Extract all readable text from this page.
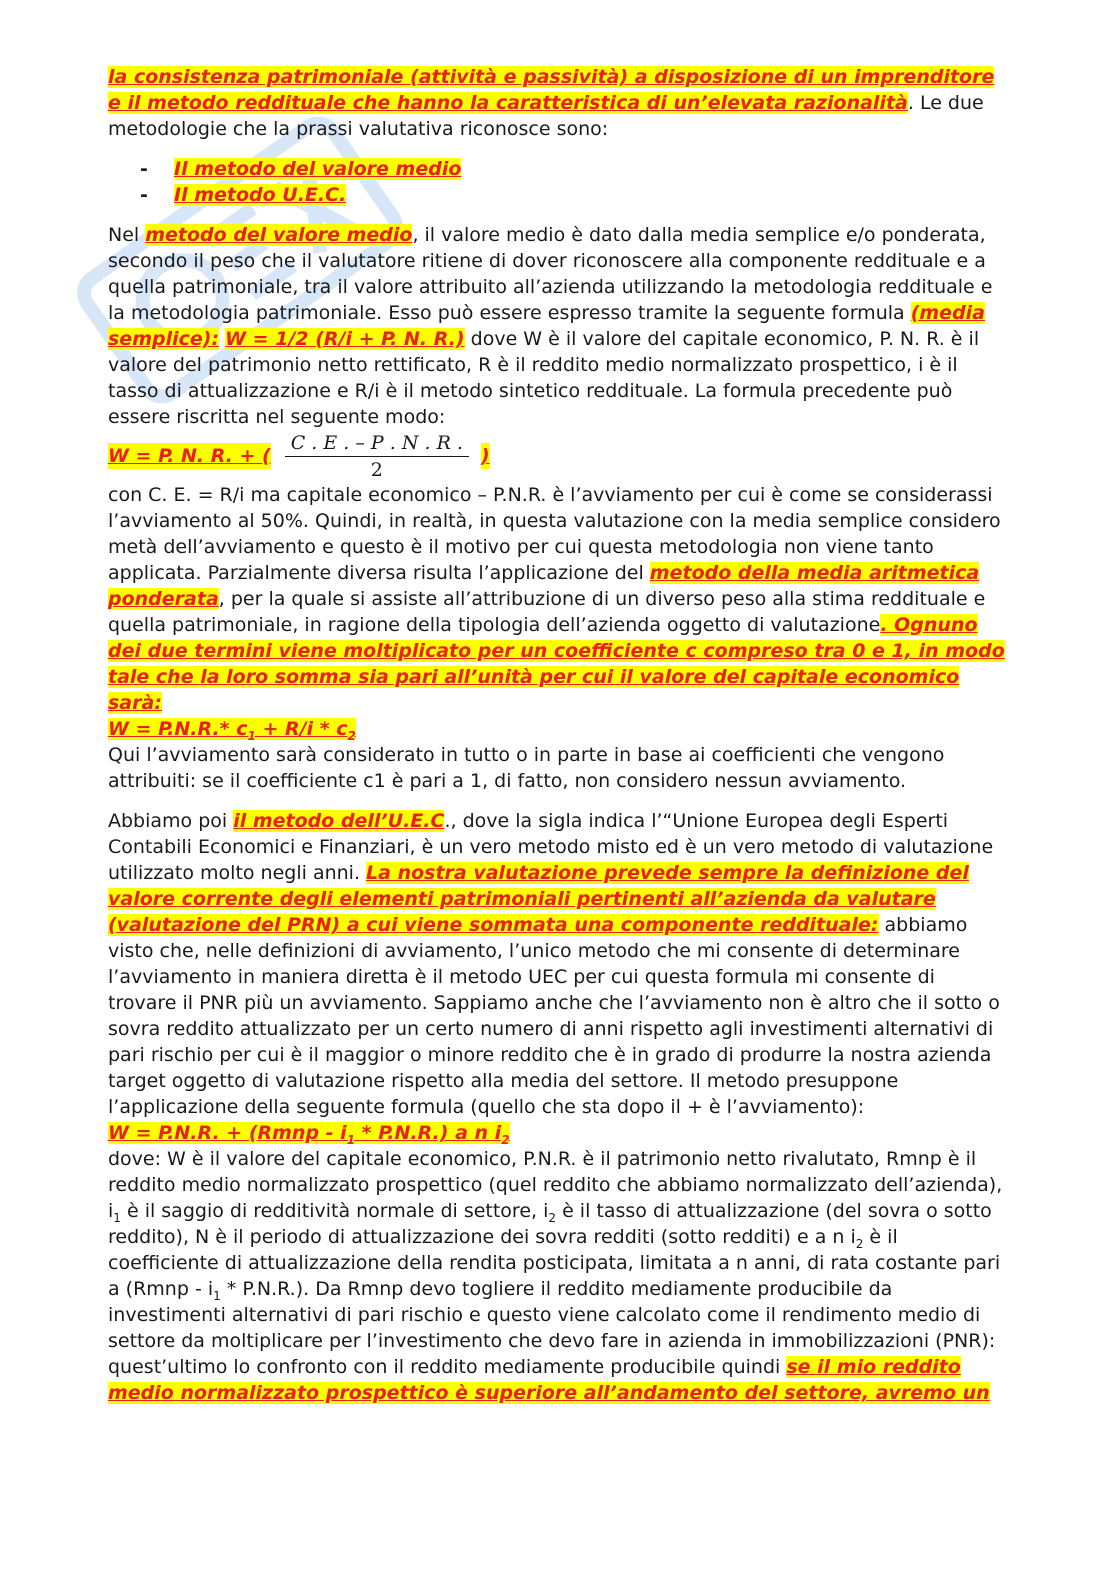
la consistenza patrimoniale (attività e passività) a disposizione di un imprenditore e il metodo reddituale che hanno la caratteristica di un’elevata razionalità. Le due metodologie che la prassi valutativa riconosce sono:

- Il metodo del valore medio
- Il metodo U.E.C.

Nel metodo del valore medio, il valore medio è dato dalla media semplice e/o ponderata, secondo il peso che il valutatore ritiene di dover riconoscere alla componente reddituale e a quella patrimoniale, tra il valore attribuito all’azienda utilizzando la metodologia reddituale e la metodologia patrimoniale. Esso può essere espresso tramite la seguente formula (media semplice): W = 1/2 (R/i + P. N. R.) dove W è il valore del capitale economico, P. N. R. è il valore del patrimonio netto rettificato, R è il reddito medio normalizzato prospettico, i è il tasso di attualizzazione e R/i è il metodo sintetico reddituale. La formula precedente può essere riscritta nel seguente modo:

W = P. N. R. + ( $\frac{C . E . - P . N . R .}{2}$ )

con C. E. = R/i ma capitale economico – P.N.R. è l’avviamento per cui è come se considerassi l’avviamento al 50%. Quindi, in realtà, in questa valutazione con la media semplice considero metà dell’avviamento e questo è il motivo per cui questa metodologia non viene tanto applicata. Parzialmente diversa risulta l’applicazione del metodo della media aritmetica ponderata, per la quale si assiste all’attribuzione di un diverso peso alla stima reddituale e quella patrimoniale, in ragione della tipologia dell’azienda oggetto di valutazione. Ognuno dei due termini viene moltiplicato per un coefficiente c compreso tra 0 e 1, in modo tale che la loro somma sia pari all’unità per cui il valore del capitale economico sarà:
W = P.N.R.* $c_1 + R/i * c_2$
Qui l’avviamento sarà considerato in tutto o in parte in base ai coefficienti che vengono attribuiti: se il coefficiente c1 è pari a 1, di fatto, non considero nessun avviamento.

Abbiamo poi il metodo dell’U.E.C., dove la sigla indica l’“Unione Europea degli Esperti Contabili Economici e Finanziari, è un vero metodo misto ed è un vero metodo di valutazione utilizzato molto negli anni. La nostra valutazione prevede sempre la definizione del valore corrente degli elementi patrimoniali pertinenti all’azienda da valutare (valutazione del PRN) a cui viene sommata una componente reddituale: abbiamo visto che, nelle definizioni di avviamento, l’unico metodo che mi consente di determinare l’avviamento in maniera diretta è il metodo UEC per cui questa formula mi consente di trovare il PNR più un avviamento. Sappiamo anche che l’avviamento non è altro che il sotto o sovra reddito attualizzato per un certo numero di anni rispetto agli investimenti alternativi di pari rischio per cui è il maggior o minore reddito che è in grado di produrre la nostra azienda target oggetto di valutazione rispetto alla media del settore. Il metodo presuppone l’applicazione della seguente formula (quello che sta dopo il + è l’avviamento):
W = P.N.R. + (Rmnp - $i_1 * P.N.R$.) a n $i_2$
dove: W è il valore del capitale economico, P.N.R. è il patrimonio netto rivalutato, Rmnp è il reddito medio normalizzato prospettico (quel reddito che abbiamo normalizzato dell’azienda), $i_1$ è il saggio di redditività normale di settore, $i_2$ è il tasso di attualizzazione (del sovra o sotto reddito), N è il periodo di attualizzazione dei sovra redditi (sotto redditi) e a n $i_2$ è il coefficiente di attualizzazione della rendita posticipata, limitata a n anni, di rata costante pari a (Rmnp - $i_1 * P.N.R$.). Da Rmnp devo togliere il reddito mediamente producibile da investimenti alternativi di pari rischio e questo viene calcolato come il rendimento medio di settore da moltiplicare per l’investimento che devo fare in azienda in immobilizzazioni (PNR): quest’ultimo lo confronto con il reddito mediamente producibile quindi se il mio reddito medio normalizzato prospettico è superiore all’andamento del settore, avremo un
